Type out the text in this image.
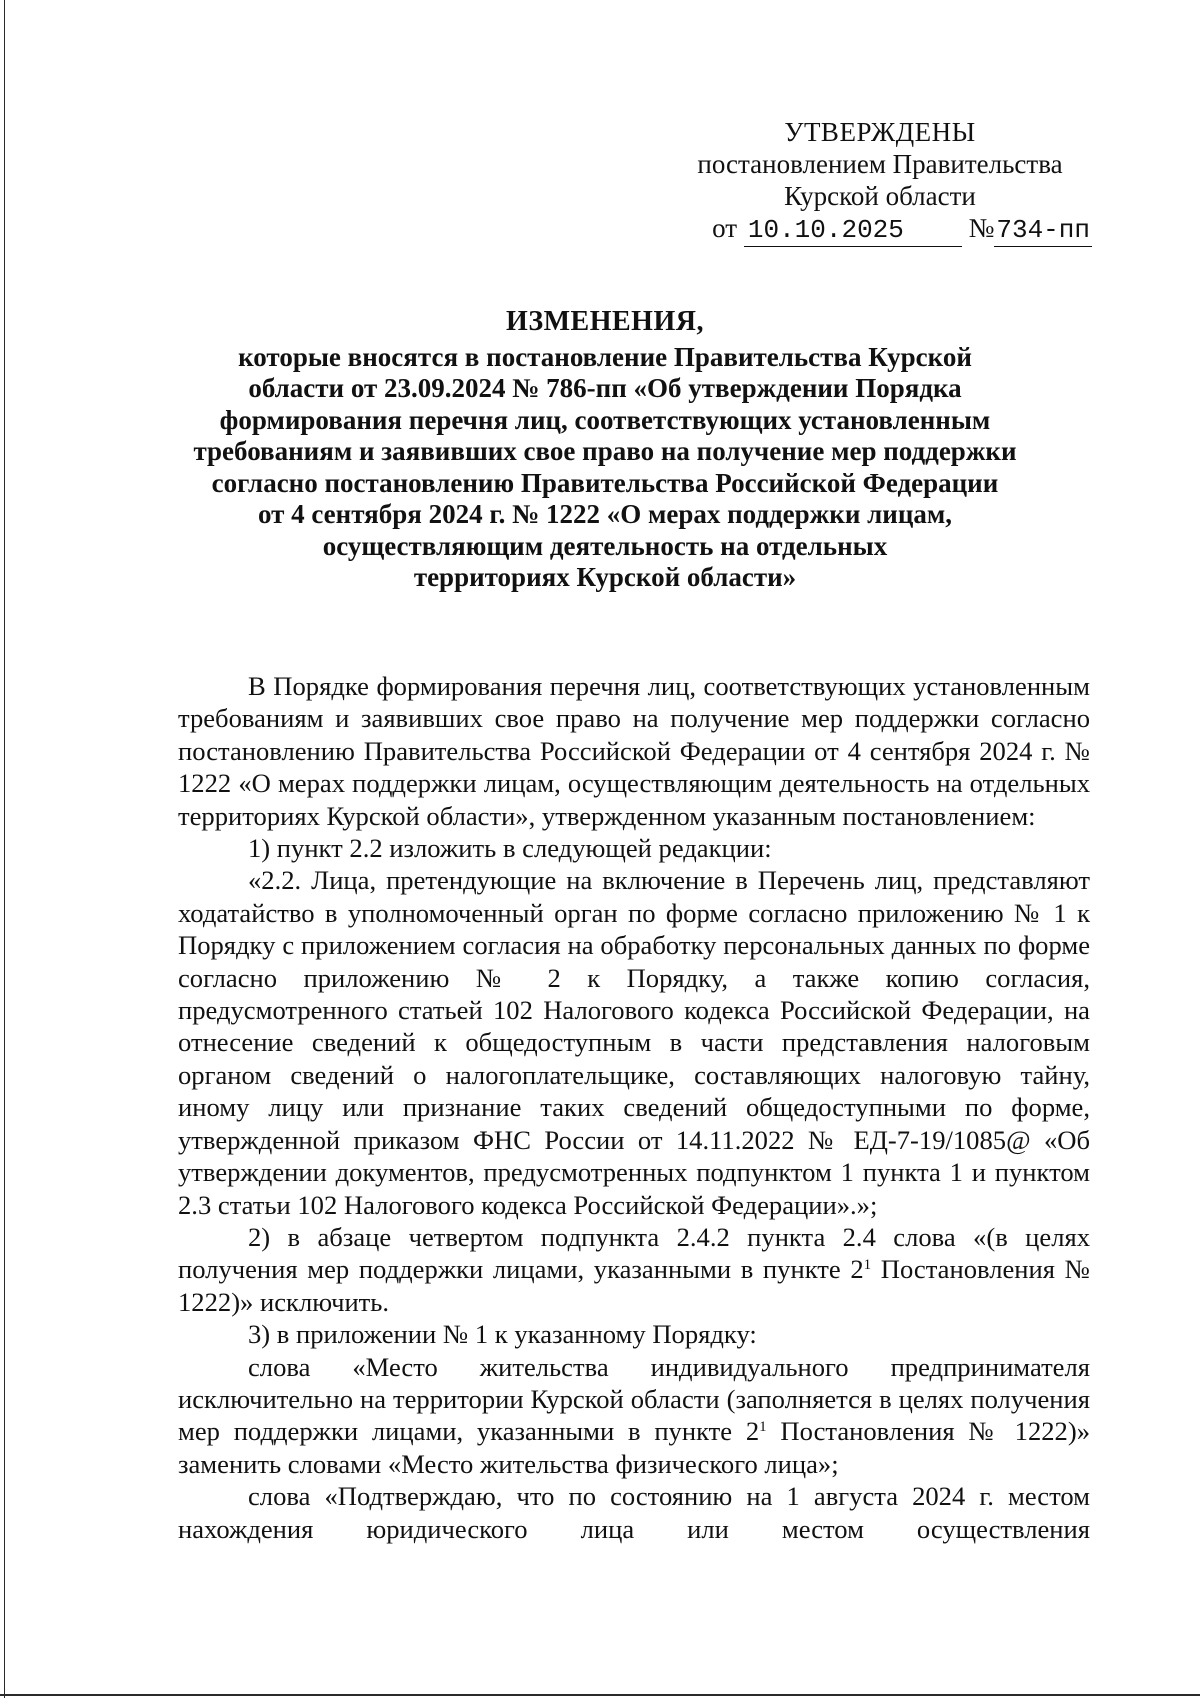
УТВЕРЖДЕНЫ
постановлением Правительства
Курской области
от 10.10.2025 №734-пп
ИЗМЕНЕНИЯ,
которые вносятся в постановление Правительства Курской
области от 23.09.2024 № 786-пп «Об утверждении Порядка
формирования перечня лиц, соответствующих установленным
требованиям и заявивших свое право на получение мер поддержки
согласно постановлению Правительства Российской Федерации
от 4 сентября 2024 г. № 1222 «О мерах поддержки лицам,
осуществляющим деятельность на отдельных
территориях Курской области»

В Порядке формирования перечня лиц, соответствующих установленным требованиям и заявивших свое право на получение мер поддержки согласно постановлению Правительства Российской Федерации от 4 сентября 2024 г. № 1222 «О мерах поддержки лицам, осуществляющим деятельность на отдельных территориях Курской области», утвержденном указанным постановлением:

1) пункт 2.2 изложить в следующей редакции:

«2.2. Лица, претендующие на включение в Перечень лиц, представляют ходатайство в уполномоченный орган по форме согласно приложению № 1 к Порядку с приложением согласия на обработку персональных данных по форме согласно приложению № 2 к Порядку, а также копию согласия, предусмотренного статьей 102 Налогового кодекса Российской Федерации, на отнесение сведений к общедоступным в части представления налоговым органом сведений о налогоплательщике, составляющих налоговую тайну, иному лицу или признание таких сведений общедоступными по форме, утвержденной приказом ФНС России от 14.11.2022 № ЕД-7-19/1085@ «Об утверждении документов, предусмотренных подпунктом 1 пункта 1 и пунктом 2.3 статьи 102 Налогового кодекса Российской Федерации».»;

2) в абзаце четвертом подпункта 2.4.2 пункта 2.4 слова «(в целях получения мер поддержки лицами, указанными в пункте $2^1$ Постановления № 1222)» исключить.

3) в приложении № 1 к указанному Порядку:

слова «Место жительства индивидуального предпринимателя исключительно на территории Курской области (заполняется в целях получения мер поддержки лицами, указанными в пункте $2^1$ Постановления № 1222)» заменить словами «Место жительства физического лица»;

слова «Подтверждаю, что по состоянию на 1 августа 2024 г. местом нахождения юридического лица или местом осуществления
